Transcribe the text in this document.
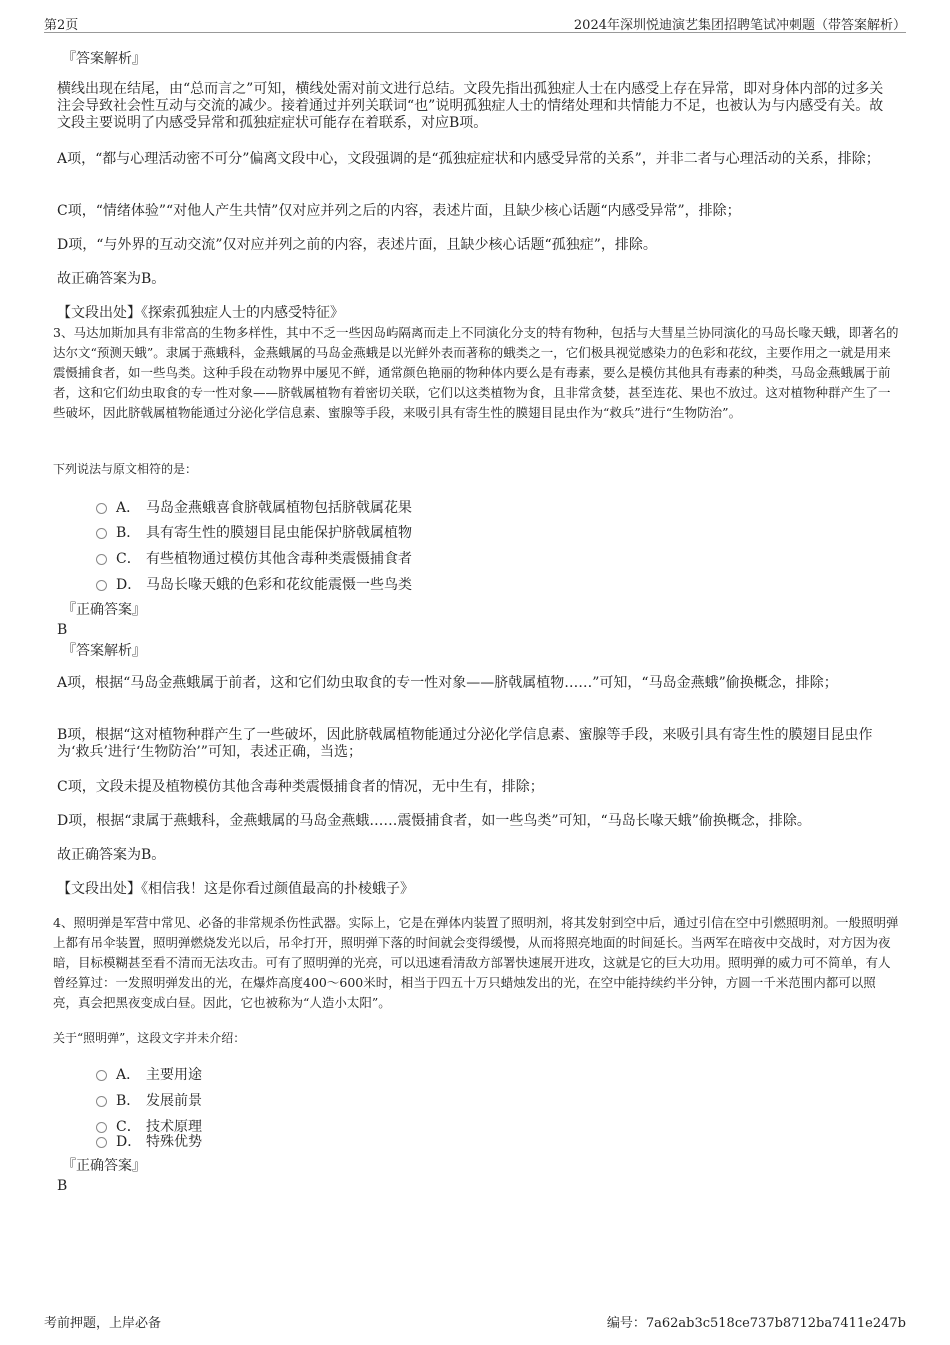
第2页	2024年深圳悦迪演艺集团招聘笔试冲刺题（带答案解析）
『答案解析』
横线出现在结尾，由“总而言之”可知，横线处需对前文进行总结。文段先指出孤独症人士在内感受上存在异常，即对身体内部的过多关注会导致社会性互动与交流的减少。接着通过并列关联词“也”说明孤独症人士的情绪处理和共情能力不足，也被认为与内感受有关。故文段主要说明了内感受异常和孤独症症状可能存在着联系，对应B项。
A项，“都与心理活动密不可分”偏离文段中心，文段强调的是“孤独症症状和内感受异常的关系”，并非二者与心理活动的关系，排除；
C项，“情绪体验”“对他人产生共情”仅对应并列之后的内容，表述片面，且缺少核心话题“内感受异常”，排除；
D项，“与外界的互动交流”仅对应并列之前的内容，表述片面，且缺少核心话题“孤独症”，排除。
故正确答案为B。
【文段出处】《探索孤独症人士的内感受特征》
3、马达加斯加具有非常高的生物多样性，其中不乏一些因岛屿隔离而走上不同演化分支的特有物种，包括与大彗星兰协同演化的马岛长喙天蛾，即著名的达尔文“预测天蛾”。隶属于燕蛾科，金燕蛾属的马岛金燕蛾是以光鲜外表而著称的蛾类之一，它们极具视觉感染力的色彩和花纹，主要作用之一就是用来震慑捕食者，如一些鸟类。这种手段在动物界中屡见不鲜，通常颜色艳丽的物种体内要么是有毒素，要么是模仿其他具有毒素的种类，马岛金燕蛾属于前者，这和它们幼虫取食的专一性对象——脐戟属植物有着密切关联，它们以这类植物为食，且非常贪婪，甚至连花、果也不放过。这对植物种群产生了一些破坏，因此脐戟属植物能通过分泌化学信息素、蜜腺等手段，来吸引具有寄生性的膜翅目昆虫作为“救兵”进行“生物防治”。
下列说法与原文相符的是：
A． 马岛金燕蛾喜食脐戟属植物包括脐戟属花果
B． 具有寄生性的膜翅目昆虫能保护脐戟属植物
C． 有些植物通过模仿其他含毒种类震慑捕食者
D． 马岛长喙天蛾的色彩和花纹能震慑一些鸟类
『正确答案』
B
『答案解析』
A项，根据“马岛金燕蛾属于前者，这和它们幼虫取食的专一性对象——脐戟属植物……”可知，“马岛金燕蛾”偷换概念，排除；
B项，根据“这对植物种群产生了一些破坏，因此脐戟属植物能通过分泌化学信息素、蜜腺等手段，来吸引具有寄生性的膜翅目昆虫作为‘救兵’进行‘生物防治’”可知，表述正确，当选；
C项，文段未提及植物模仿其他含毒种类震慑捕食者的情况，无中生有，排除；
D项，根据“隶属于燕蛾科，金燕蛾属的马岛金燕蛾……震慑捕食者，如一些鸟类”可知，“马岛长喙天蛾”偷换概念，排除。
故正确答案为B。
【文段出处】《相信我！这是你看过颜值最高的扑棱蛾子》
4、照明弹是军营中常见、必备的非常规杀伤性武器。实际上，它是在弹体内装置了照明剂，将其发射到空中后，通过引信在空中引燃照明剂。一般照明弹上都有吊伞装置，照明弹燃烧发光以后，吊伞打开，照明弹下落的时间就会变得缓慢，从而将照亮地面的时间延长。当两军在暗夜中交战时，对方因为夜暗，目标模糊甚至看不清而无法攻击。可有了照明弹的光亮，可以迅速看清敌方部署快速展开进攻，这就是它的巨大功用。照明弹的威力可不简单，有人曾经算过：一发照明弹发出的光，在爆炸高度400～600米时，相当于四五十万只蜡烛发出的光，在空中能持续约半分钟，方圆一千米范围内都可以照亮，真会把黑夜变成白昼。因此，它也被称为“人造小太阳”。
关于“照明弹”，这段文字并未介绍：
A． 主要用途
B． 发展前景
C． 技术原理
D． 特殊优势
『正确答案』
B
考前押题，上岸必备	编号：7a62ab3c518ce737b8712ba7411e247b
